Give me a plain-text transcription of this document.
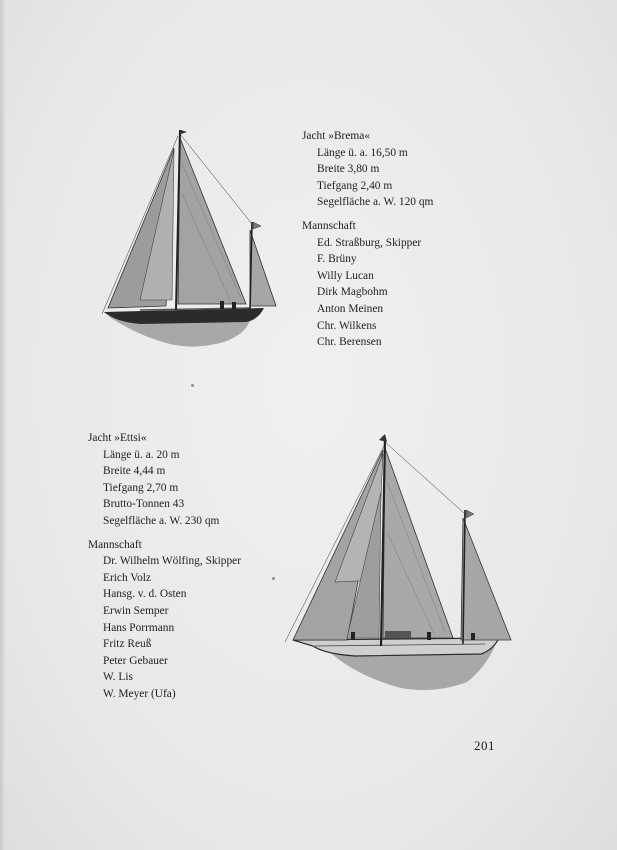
Jacht »Brema«
Länge ü. a. 16,50 m
Breite 3,80 m
Tiefgang 2,40 m
Segelfläche a. W. 120 qm
Mannschaft
Ed. Straßburg, Skipper
F. Brüny
Willy Lucan
Dirk Magbohm
Anton Meinen
Chr. Wilkens
Chr. Berensen
Jacht »Ettsi«
Länge ü. a. 20 m
Breite 4,44 m
Tiefgang 2,70 m
Brutto-Tonnen 43
Segelfläche a. W. 230 qm
Mannschaft
Dr. Wilhelm Wölfing, Skipper
Erich Volz
Hansg. v. d. Osten
Erwin Semper
Hans Porrmann
Fritz Reuß
Peter Gebauer
W. Lis
W. Meyer (Ufa)
201
